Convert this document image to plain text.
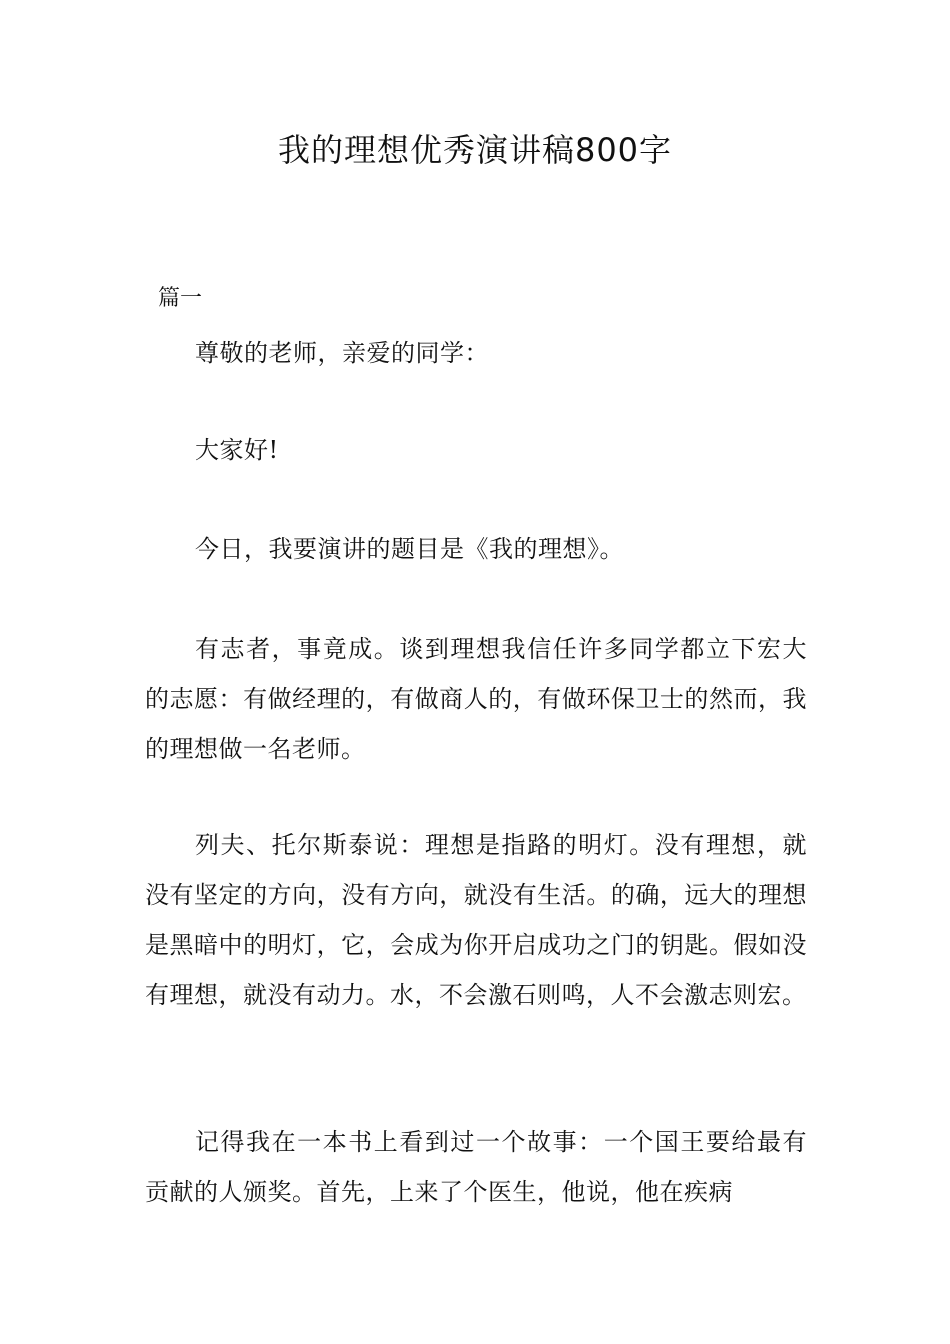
我的理想优秀演讲稿800字

篇一

尊敬的老师，亲爱的同学：

大家好!

今日，我要演讲的题目是《我的理想》。

有志者，事竟成。谈到理想我信任许多同学都立下宏大的志愿：有做经理的，有做商人的，有做环保卫士的然而，我的理想做一名老师。

列夫、托尔斯泰说：理想是指路的明灯。没有理想，就没有坚定的方向，没有方向，就没有生活。的确，远大的理想是黑暗中的明灯，它，会成为你开启成功之门的钥匙。假如没有理想，就没有动力。水，不会激石则鸣，人不会激志则宏。

记得我在一本书上看到过一个故事：一个国王要给最有贡献的人颁奖。首先，上来了个医生，他说，他在疾病
